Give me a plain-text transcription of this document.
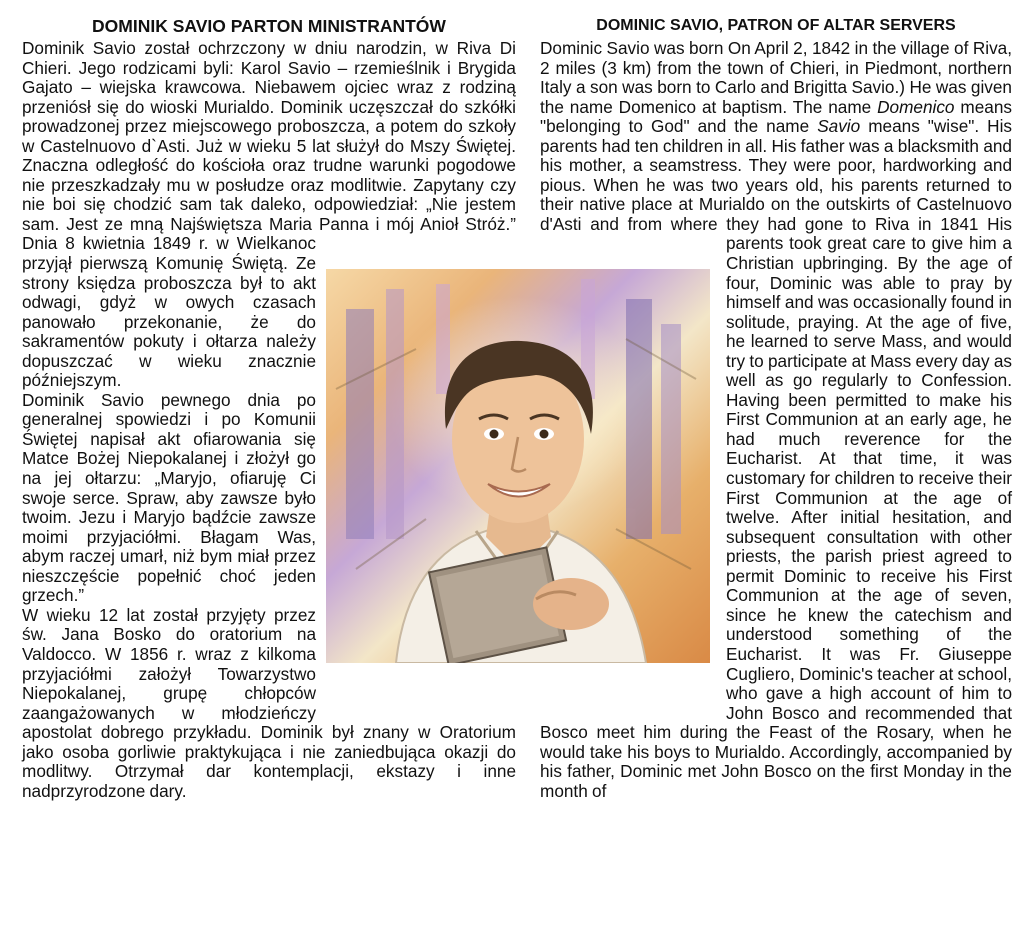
DOMINIK SAVIO PARTON MINISTRANTÓW	DOMINIC SAVIO, PATRON OF ALTAR SERVERS

Dominik Savio został ochrzczony w dniu narodzin, w Riva Di Chieri. Jego rodzicami byli: Karol Savio – rzemieślnik i Brygida Gajato – wiejska krawcowa. Niebawem ojciec wraz z rodziną przeniósł się do wioski Murialdo. Dominik uczęszczał do szkółki prowadzonej przez miejscowego proboszcza, a potem do szkoły w Castelnuovo d`Asti. Już w wieku 5 lat służył do Mszy Świętej. Znaczna odległość do kościoła oraz trudne warunki pogodowe nie przeszkadzały mu w posłudze oraz modlitwie. Zapytany czy nie boi się chodzić sam tak daleko, odpowiedział: „Nie jestem sam. Jest ze mną Najświętsza Maria Panna i mój Anioł Stróż.” Dnia 8 kwietnia 1849 r. w Wielkanoc przyjął pierwszą Komunię Świętą. Ze strony księdza proboszcza był to akt odwagi, gdyż w owych czasach panowało przekonanie, że do sakramentów pokuty i ołtarza należy dopuszczać w wieku znacznie późniejszym.

Dominik Savio pewnego dnia po generalnej spowiedzi i po Komunii Świętej napisał akt ofiarowania się Matce Bożej Niepokalanej i złożył go na jej ołtarzu: „Maryjo, ofiaruję Ci swoje serce. Spraw, aby zawsze było twoim. Jezu i Maryjo bądźcie zawsze moimi przyjaciółmi. Błagam Was, abym raczej umarł, niż bym miał przez nieszczęście popełnić choć jeden grzech.”

W wieku 12 lat został przyjęty przez św. Jana Bosko do oratorium na Valdocco. W 1856 r. wraz z kilkoma przyjaciółmi założył Towarzystwo Niepokalanej, grupę chłopców zaangażowanych w młodzieńczy apostolat dobrego przykładu. Dominik był znany w Oratorium jako osoba gorliwie praktykująca i nie zaniedbująca okazji do modlitwy. Otrzymał dar kontemplacji, ekstazy i inne nadprzyrodzone dary.

Dominic Savio was born On April 2, 1842 in the village of Riva, 2 miles (3 km) from the town of Chieri, in Piedmont, northern Italy a son was born to Carlo and Brigitta Savio.) He was given the name Domenico at baptism. The name Domenico means "belonging to God" and the name Savio means "wise". His parents had ten children in all. His father was a blacksmith and his mother, a seamstress. They were poor, hardworking and pious. When he was two years old, his parents returned to their native place at Murialdo on the outskirts of Castelnuovo d'Asti and from where they had gone to Riva in 1841 His parents took great care to give him a Christian upbringing. By the age of four, Dominic was able to pray by himself and was occasionally found in solitude, praying. At the age of five, he learned to serve Mass, and would try to participate at Mass every day as well as go regularly to Confession. Having been permitted to make his First Communion at an early age, he had much reverence for the Eucharist. At that time, it was customary for children to receive their First Communion at the age of twelve. After initial hesitation, and subsequent consultation with other priests, the parish priest agreed to permit Dominic to receive his First Communion at the age of seven, since he knew the catechism and understood something of the Eucharist. It was Fr. Giuseppe Cugliero, Dominic's teacher at school, who gave a high account of him to John Bosco and recommended that Bosco meet him during the Feast of the Rosary, when he would take his boys to Murialdo. Accordingly, accompanied by his father, Dominic met John Bosco on the first Monday in the month of
